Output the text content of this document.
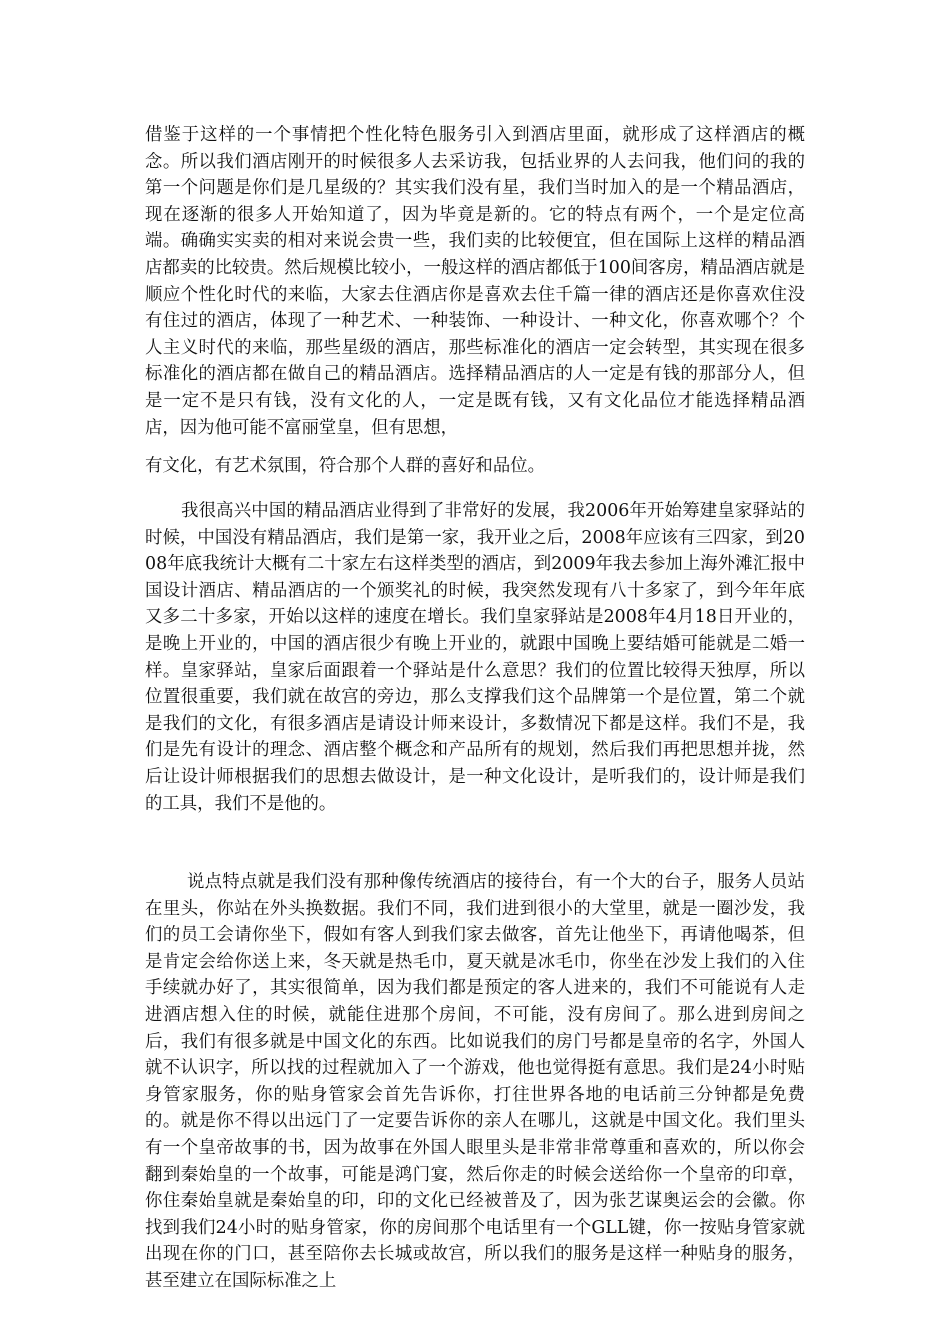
借鉴于这样的一个事情把个性化特色服务引入到酒店里面，就形成了这样酒店的概念。所以我们酒店刚开的时候很多人去采访我，包括业界的人去问我，他们问的我的第一个问题是你们是几星级的？其实我们没有星，我们当时加入的是一个精品酒店，现在逐渐的很多人开始知道了，因为毕竟是新的。它的特点有两个，一个是定位高端。确确实实卖的相对来说会贵一些，我们卖的比较便宜，但在国际上这样的精品酒店都卖的比较贵。然后规模比较小，一般这样的酒店都低于100间客房，精品酒店就是顺应个性化时代的来临，大家去住酒店你是喜欢去住千篇一律的酒店还是你喜欢住没有住过的酒店，体现了一种艺术、一种装饰、一种设计、一种文化，你喜欢哪个？个人主义时代的来临，那些星级的酒店，那些标准化的酒店一定会转型，其实现在很多标准化的酒店都在做自己的精品酒店。选择精品酒店的人一定是有钱的那部分人，但是一定不是只有钱，没有文化的人，一定是既有钱，又有文化品位才能选择精品酒店，因为他可能不富丽堂皇，但有思想，
有文化，有艺术氛围，符合那个人群的喜好和品位。

我很高兴中国的精品酒店业得到了非常好的发展，我2006年开始筹建皇家驿站的时候，中国没有精品酒店，我们是第一家，我开业之后，2008年应该有三四家，到2008年底我统计大概有二十家左右这样类型的酒店，到2009年我去参加上海外滩汇报中国设计酒店、精品酒店的一个颁奖礼的时候，我突然发现有八十多家了，到今年年底又多二十多家，开始以这样的速度在增长。我们皇家驿站是2008年4月18日开业的，是晚上开业的，中国的酒店很少有晚上开业的，就跟中国晚上要结婚可能就是二婚一样。皇家驿站，皇家后面跟着一个驿站是什么意思？我们的位置比较得天独厚，所以位置很重要，我们就在故宫的旁边，那么支撑我们这个品牌第一个是位置，第二个就是我们的文化，有很多酒店是请设计师来设计，多数情况下都是这样。我们不是，我们是先有设计的理念、酒店整个概念和产品所有的规划，然后我们再把思想并拢，然后让设计师根据我们的思想去做设计，是一种文化设计，是听我们的，设计师是我们的工具，我们不是他的。

说点特点就是我们没有那种像传统酒店的接待台，有一个大的台子，服务人员站在里头，你站在外头换数据。我们不同，我们进到很小的大堂里，就是一圈沙发，我们的员工会请你坐下，假如有客人到我们家去做客，首先让他坐下，再请他喝茶，但是肯定会给你送上来，冬天就是热毛巾，夏天就是冰毛巾，你坐在沙发上我们的入住手续就办好了，其实很简单，因为我们都是预定的客人进来的，我们不可能说有人走进酒店想入住的时候，就能住进那个房间，不可能，没有房间了。那么进到房间之后，我们有很多就是中国文化的东西。比如说我们的房门号都是皇帝的名字，外国人就不认识字，所以找的过程就加入了一个游戏，他也觉得挺有意思。我们是24小时贴身管家服务，你的贴身管家会首先告诉你，打往世界各地的电话前三分钟都是免费的。就是你不得以出远门了一定要告诉你的亲人在哪儿，这就是中国文化。我们里头有一个皇帝故事的书，因为故事在外国人眼里头是非常非常尊重和喜欢的，所以你会翻到秦始皇的一个故事，可能是鸿门宴，然后你走的时候会送给你一个皇帝的印章，你住秦始皇就是秦始皇的印，印的文化已经被普及了，因为张艺谋奥运会的会徽。你找到我们24小时的贴身管家，你的房间那个电话里有一个GLL键，你一按贴身管家就出现在你的门口，甚至陪你去长城或故宫，所以我们的服务是这样一种贴身的服务，甚至建立在国际标准之上
